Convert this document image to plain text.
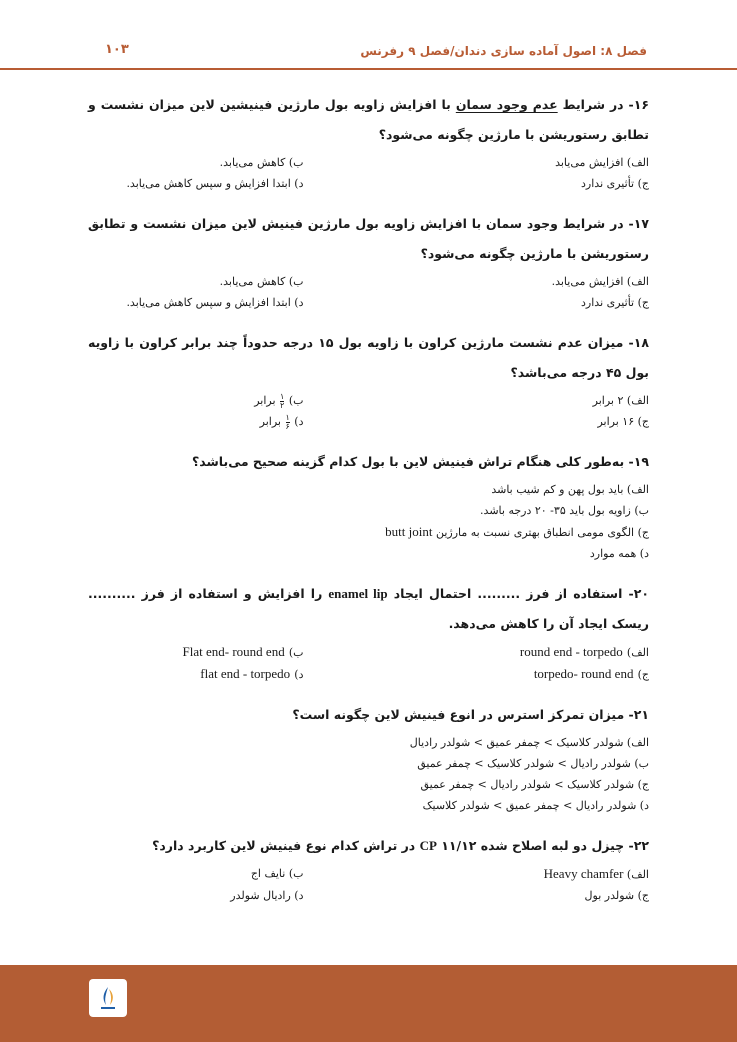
فصل ۸: اصول آماده سازی دندان/فصل ۹ رفرنس
۱۰۳
۱۶- در شرایط عدم وجود سمان با افزایش زاویه بول مارژین فینیشین لاین میزان نشست و تطابق رستوریشن با مارژین چگونه می‌شود؟
الف) افزایش می‌یابد
ب) کاهش می‌یابد.
ج) تأثیری ندارد
د) ابتدا افزایش و سپس کاهش می‌یابد.
۱۷- در شرایط وجود سمان با افزایش زاویه بول مارژین فینیش لاین میزان نشست و تطابق رستوریشن با مارژین چگونه می‌شود؟
الف) افزایش می‌یابد.
ب) کاهش می‌یابد.
ج) تأثیری ندارد
د) ابتدا افزایش و سپس کاهش می‌یابد.
۱۸- میزان عدم نشست مارژین کراون با زاویه بول ۱۵ درجه حدوداً چند برابر کراون با زاویه بول ۴۵ درجه می‌باشد؟
الف) ۲ برابر
ب)
$\frac{۱}{۲}$
برابر
ج) ۱۶ برابر
د)
$\frac{۱}{۶}$
برابر
۱۹- به‌طور کلی هنگام تراش فینیش لاین با بول کدام گزینه صحیح می‌باشد؟
الف) باید بول پهن و کم شیب باشد
ب) زاویه بول باید ۳۵- ۲۰ درجه باشد.
ج) الگوی مومی انطباق بهتری نسبت به مارژین butt joint
د) همه موارد
۲۰- استفاده از فرز ......... احتمال ایجاد enamel lip را افزایش و استفاده از فرز .......... ریسک ایجاد آن را کاهش می‌دهد.
الف) round end - torpedo
ب) Flat end- round end
ج) torpedo- round end
د) flat end - torpedo
۲۱- میزان تمرکز استرس در انوع فینیش لاین چگونه است؟
الف) شولدر کلاسیک > چمفر عمیق > شولدر رادیال
ب) شولدر رادیال > شولدر کلاسیک > چمفر عمیق
ج) شولدر کلاسیک > شولدر رادیال > چمفر عمیق
د) شولدر رادیال > چمفر عمیق > شولدر کلاسیک
۲۲- چیزل دو لبه اصلاح شده ۱۱/۱۲ CP در تراش کدام نوع فینیش لاین کاربرد دارد؟
الف) Heavy chamfer
ب) نایف اج
ج) شولدر بول
د) رادیال شولدر
